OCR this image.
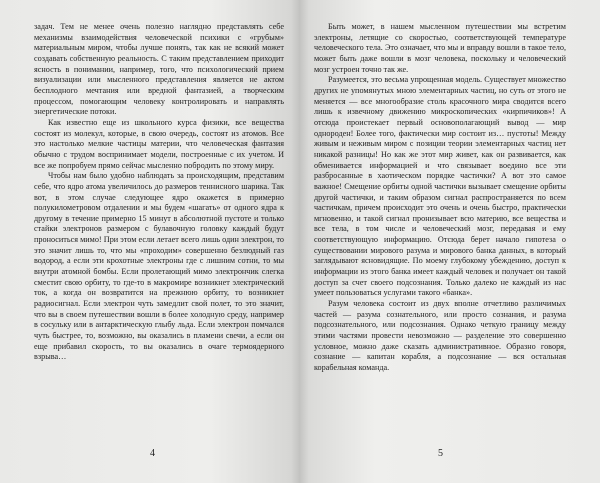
задач. Тем не менее очень полезно наглядно представлять себе механизмы взаимодействия человеческой психики с «грубым» материальным миром, чтобы лучше понять, так как не всякий может создавать собственную реальность. С таким представлением приходит ясность в понимании, например, того, что психологический прием визуализации или мысленного представления является не актом бесплодного мечтания или вредной фантазией, а творческим процессом, помогающим человеку контролировать и направлять энергетические потоки.

Как известно еще из школьного курса физики, все вещества состоят из молекул, которые, в свою очередь, состоят из атомов. Все это настолько мелкие частицы материи, что человеческая фантазия обычно с трудом воспринимает модели, построенные с их учетом. И все же попробуем прямо сейчас мысленно побродить по этому миру.

Чтобы нам было удобно наблюдать за происходящим, представим себе, что ядро атома увеличилось до размеров теннисного шарика. Так вот, в этом случае следующее ядро окажется в примерно полукилометровом отдалении и мы будем «шагать» от одного ядра к другому в течение примерно 15 минут в абсолютной пустоте и только стайки электронов размером с булавочную головку каждый будут проноситься мимо! При этом если летает всего лишь один электрон, то это значит лишь то, что мы «проходим» совершенно безлюдный газ водород, а если эти крохотные электроны где с лишним сотни, то мы внутри атомной бомбы. Если пролетающий мимо электрончик слегка сместит свою орбиту, то где-то в макромире возникнет электрический ток, а когда он возвратится на прежнюю орбиту, то возникнет радиосигнал. Если электрон чуть замедлит свой полет, то это значит, что вы в своем путешествии вошли в более холодную среду, например в сосульку или в антарктическую глыбу льда. Если электрон помчался чуть быстрее, то, возможно, вы оказались в пламени свечи, а если он еще прибавил скорость, то вы оказались в очаге термоядерного взрыва…

4

Быть может, в нашем мысленном путешествии мы встретим электроны, летящие со скоростью, соответствующей температуре человеческого тела. Это означает, что мы и вправду вошли в такое тело, может быть даже вошли в мозг человека, поскольку и человеческий мозг устроен точно так же.

Разумеется, это весьма упрощенная модель. Существует множество других не упомянутых мною элементарных частиц, но суть от этого не меняется — все многообразие столь красочного мира сводится всего лишь к извечному движению микроскопических «кирпичиков»! А отсюда проистекает первый основополагающий вывод — мир однороден! Более того, фактически мир состоит из… пустоты! Между живым и неживым миром с позиции теории элементарных частиц нет никакой разницы! Но как же этот мир живет, как он развивается, как обменивается информацией и что связывает воедино все эти разбросанные в хаотическом порядке частички? А вот это самое важное! Смещение орбиты одной частички вызывает смещение орбиты другой частички, и таким образом сигнал распространяется по всем частичкам, причем происходит это очень и очень быстро, практически мгновенно, и такой сигнал пронизывает всю материю, все вещества и все тела, в том числе и человеческий мозг, передавая и ему соответствующую информацию. Отсюда берет начало гипотеза о существовании мирового разума и мирового банка данных, в который заглядывают ясновидящие. По моему глубокому убеждению, доступ к информации из этого банка имеет каждый человек и получает он такой доступ за счет своего подсознания. Только далеко не каждый из нас умеет пользоваться услугами такого «банка».

Разум человека состоит из двух вполне отчетливо различимых частей — разума сознательного, или просто сознания, и разума подсознательного, или подсознания. Однако четкую границу между этими частями провести невозможно — разделение это совершенно условное, можно даже сказать административное. Образно говоря, сознание — капитан корабля, а подсознание — вся остальная корабельная команда.

5
